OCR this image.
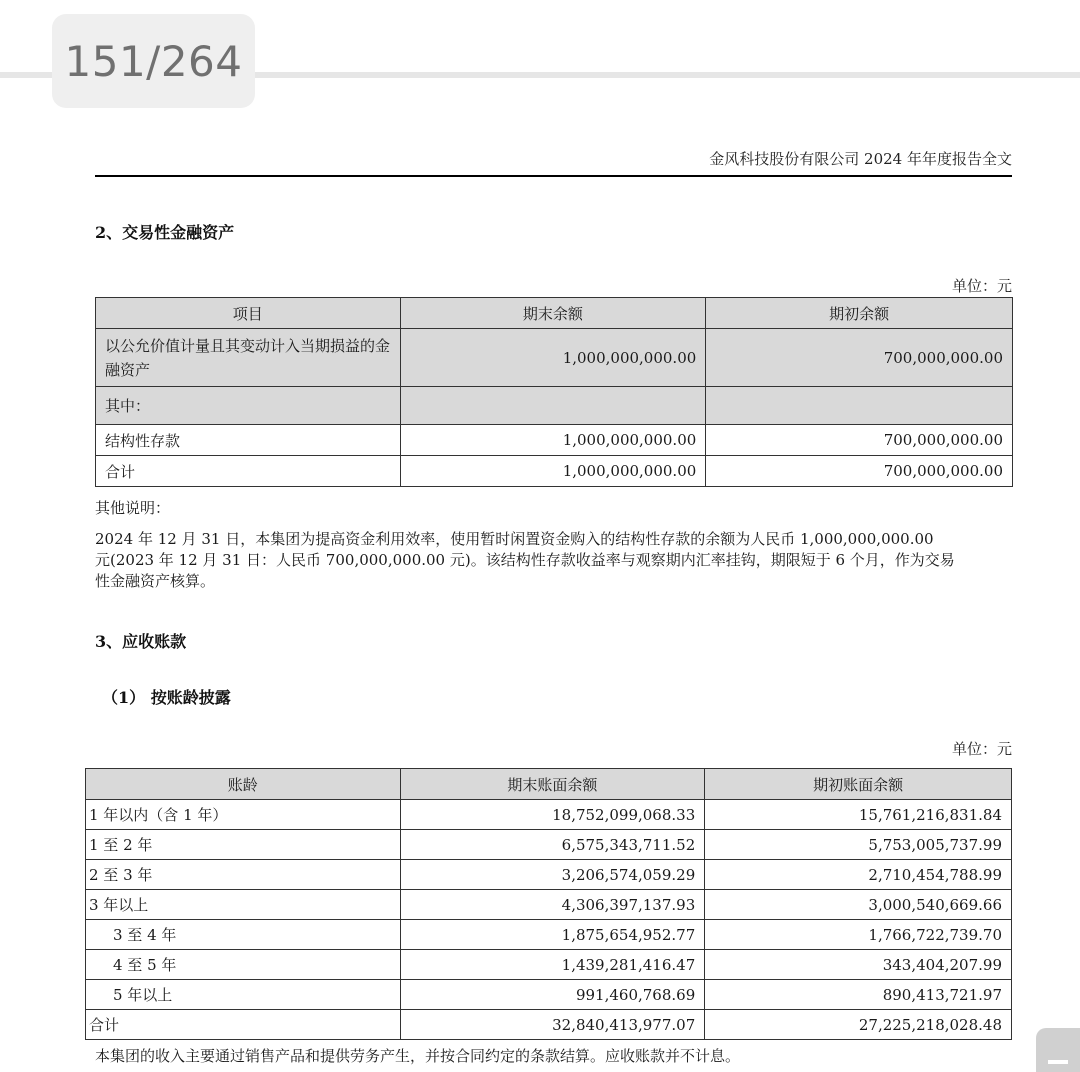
151/264
金风科技股份有限公司 2024 年年度报告全文
2、交易性金融资产
单位：元
项目	期末余额	期初余额
以公允价值计量且其变动计入当期损益的金融资产	1,000,000,000.00	700,000,000.00
其中：		
结构性存款	1,000,000,000.00	700,000,000.00
合计	1,000,000,000.00	700,000,000.00
其他说明：
2024 年 12 月 31 日，本集团为提高资金利用效率，使用暂时闲置资金购入的结构性存款的余额为人民币 1,000,000,000.00
元(2023 年 12 月 31 日：人民币 700,000,000.00 元)。该结构性存款收益率与观察期内汇率挂钩，期限短于 6 个月，作为交易
性金融资产核算。
3、应收账款
（1） 按账龄披露
单位：元
账龄	期末账面余额	期初账面余额
1 年以内（含 1 年）	18,752,099,068.33	15,761,216,831.84
1 至 2 年	6,575,343,711.52	5,753,005,737.99
2 至 3 年	3,206,574,059.29	2,710,454,788.99
3 年以上	4,306,397,137.93	3,000,540,669.66
3 至 4 年	1,875,654,952.77	1,766,722,739.70
4 至 5 年	1,439,281,416.47	343,404,207.99
5 年以上	991,460,768.69	890,413,721.97
合计	32,840,413,977.07	27,225,218,028.48
本集团的收入主要通过销售产品和提供劳务产生，并按合同约定的条款结算。应收账款并不计息。
